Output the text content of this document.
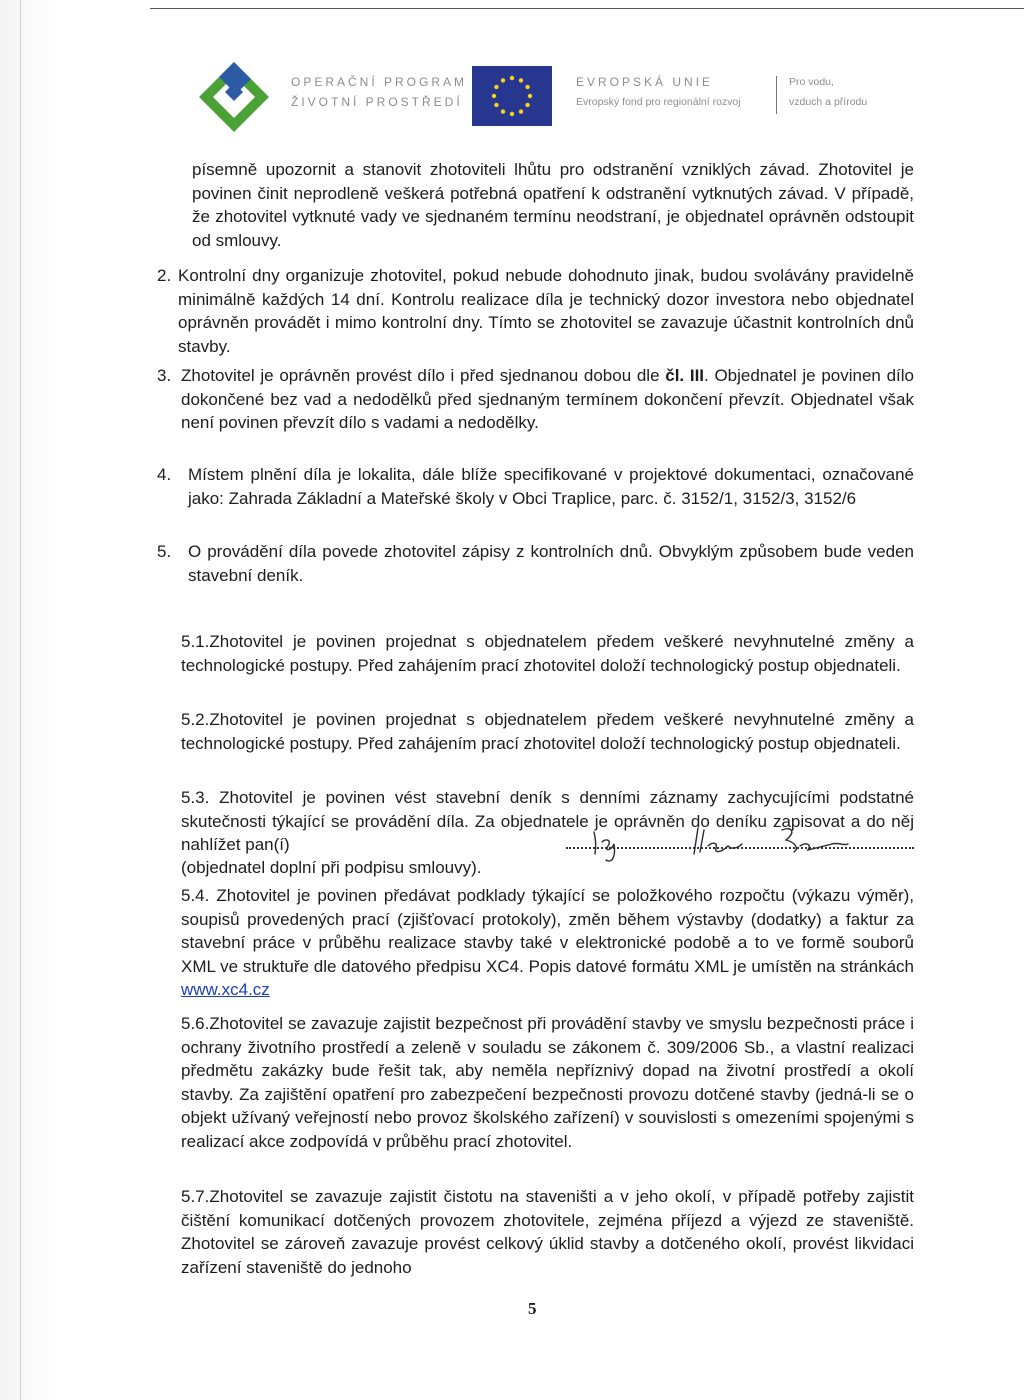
OPERAČNÍ PROGRAM
ŽIVOTNÍ PROSTŘEDÍ
EVROPSKÁ UNIE
Evropský fond pro regionální rozvoj
Pro vodu,
vzduch a přírodu

písemně upozornit a stanovit zhotoviteli lhůtu pro odstranění vzniklých závad. Zhotovitel je povinen činit neprodleně veškerá potřebná opatření k odstranění vytknutých závad. V případě, že zhotovitel vytknuté vady ve sjednaném termínu neodstraní, je objednatel oprávněn odstoupit od smlouvy.

2. Kontrolní dny organizuje zhotovitel, pokud nebude dohodnuto jinak, budou svolávány pravidelně minimálně každých 14 dní. Kontrolu realizace díla je technický dozor investora nebo objednatel oprávněn provádět i mimo kontrolní dny. Tímto se zhotovitel se zavazuje účastnit kontrolních dnů stavby.

3. Zhotovitel je oprávněn provést dílo i před sjednanou dobou dle čl. III. Objednatel je povinen dílo dokončené bez vad a nedodělků před sjednaným termínem dokončení převzít. Objednatel však není povinen převzít dílo s vadami a nedodělky.

4. Místem plnění díla je lokalita, dále blíže specifikované v projektové dokumentaci, označované jako: Zahrada Základní a Mateřské školy v Obci Traplice, parc. č. 3152/1, 3152/3, 3152/6

5. O provádění díla povede zhotovitel zápisy z kontrolních dnů. Obvyklým způsobem bude veden stavební deník.

5.1.Zhotovitel je povinen projednat s objednatelem předem veškeré nevyhnutelné změny a technologické postupy. Před zahájením prací zhotovitel doloží technologický postup objednateli.

5.2.Zhotovitel je povinen projednat s objednatelem předem veškeré nevyhnutelné změny a technologické postupy. Před zahájením prací zhotovitel doloží technologický postup objednateli.

5.3. Zhotovitel je povinen vést stavební deník s denními záznamy zachycujícími podstatné skutečnosti týkající se provádění díla. Za objednatele je oprávněn do deníku zapisovat a do něj nahlížet pan(í)

(objednatel doplní při podpisu smlouvy).

5.4. Zhotovitel je povinen předávat podklady týkající se položkového rozpočtu (výkazu výměr), soupisů provedených prací (zjišťovací protokoly), změn během výstavby (dodatky) a faktur za stavební práce v průběhu realizace stavby také v elektronické podobě a to ve formě souborů XML ve struktuře dle datového předpisu XC4. Popis datové formátu XML je umístěn na stránkách www.xc4.cz

5.6.Zhotovitel se zavazuje zajistit bezpečnost při provádění stavby ve smyslu bezpečnosti práce i ochrany životního prostředí a zeleně v souladu se zákonem č. 309/2006 Sb., a vlastní realizaci předmětu zakázky bude řešit tak, aby neměla nepříznivý dopad na životní prostředí a okolí stavby. Za zajištění opatření pro zabezpečení bezpečnosti provozu dotčené stavby (jedná-li se o objekt užívaný veřejností nebo provoz školského zařízení) v souvislosti s omezeními spojenými s realizací akce zodpovídá v průběhu prací zhotovitel.

5.7.Zhotovitel se zavazuje zajistit čistotu na staveništi a v jeho okolí, v případě potřeby zajistit čištění komunikací dotčených provozem zhotovitele, zejména příjezd a výjezd ze staveniště. Zhotovitel se zároveň zavazuje provést celkový úklid stavby a dotčeného okolí, provést likvidaci zařízení staveniště do jednoho

5
